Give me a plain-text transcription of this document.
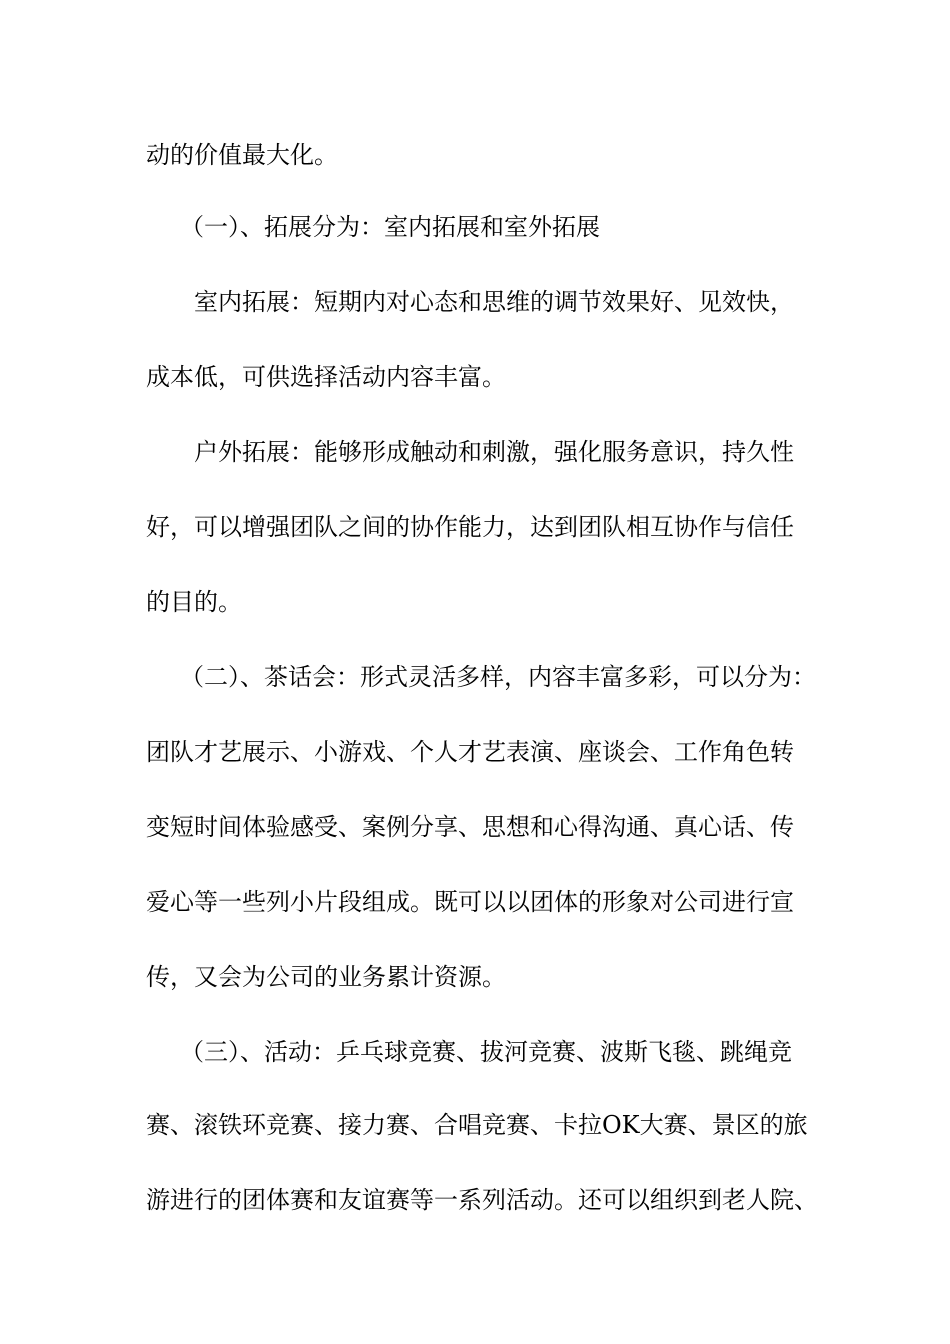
动的价值最大化。
（一）、拓展分为：室内拓展和室外拓展
室内拓展：短期内对心态和思维的调节效果好、见效快，
成本低，可供选择活动内容丰富。
户外拓展：能够形成触动和刺激，强化服务意识，持久性
好，可以增强团队之间的协作能力，达到团队相互协作与信任
的目的。
（二）、茶话会：形式灵活多样，内容丰富多彩，可以分为：
团队才艺展示、小游戏、个人才艺表演、座谈会、工作角色转
变短时间体验感受、案例分享、思想和心得沟通、真心话、传
爱心等一些列小片段组成。既可以以团体的形象对公司进行宣
传，又会为公司的业务累计资源。
（三）、活动：乒乓球竞赛、拔河竞赛、波斯飞毯、跳绳竞
赛、滚铁环竞赛、接力赛、合唱竞赛、卡拉OK大赛、景区的旅
游进行的团体赛和友谊赛等一系列活动。还可以组织到老人院、
